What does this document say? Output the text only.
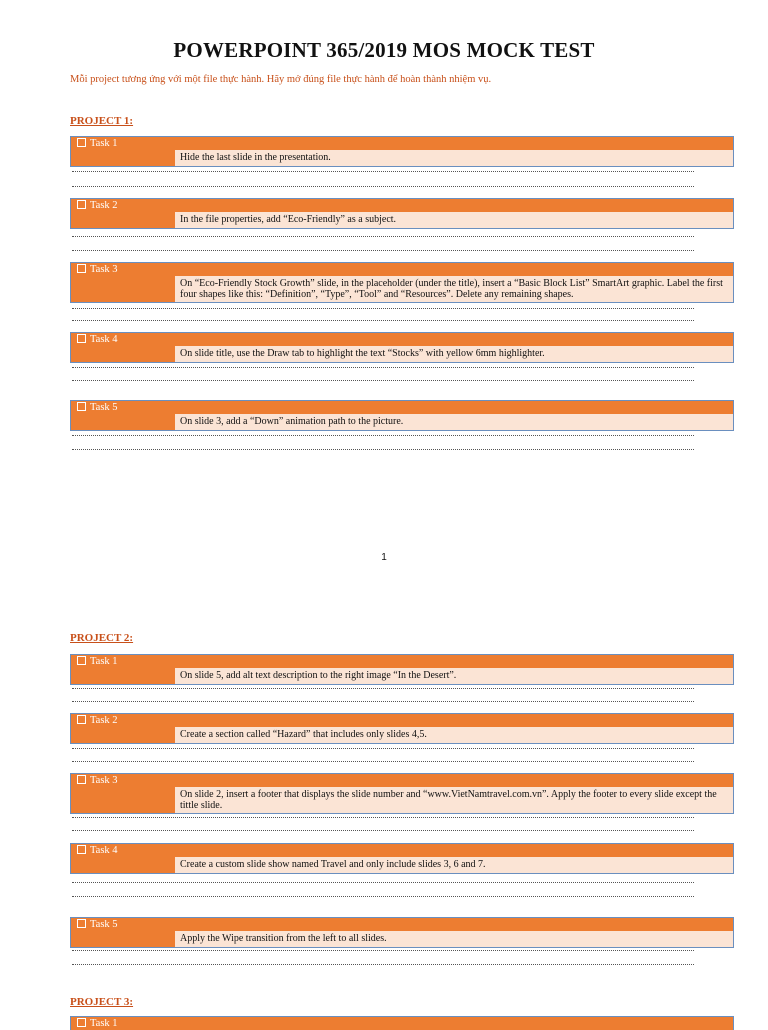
POWERPOINT 365/2019 MOS MOCK TEST
Mỗi project tương ứng với một file thực hành. Hãy mở đúng file thực hành để hoàn thành nhiệm vụ.
PROJECT 1:
Task 1
Hide the last slide in the presentation.
Task 2
In the file properties, add “Eco-Friendly” as a subject.
Task 3
On “Eco-Friendly Stock Growth” slide, in the placeholder (under the title), insert a “Basic Block List” SmartArt graphic. Label the first four shapes like this: “Definition”, “Type”, “Tool” and “Resources”. Delete any remaining shapes.
Task 4
On slide title, use the Draw tab to highlight the text “Stocks” with yellow 6mm highlighter.
Task 5
On slide 3, add a “Down” animation path to the picture.
1
PROJECT 2:
Task 1
On slide 5, add alt text description to the right image “In the Desert”.
Task 2
Create a section called “Hazard” that includes only slides 4,5.
Task 3
On slide 2, insert a footer that displays the slide number and “www.VietNamtravel.com.vn”. Apply the footer to every slide except the tittle slide.
Task 4
Create a custom slide show named Travel and only include slides 3, 6 and 7.
Task 5
Apply the Wipe transition from the left to all slides.
PROJECT 3:
Task 1
